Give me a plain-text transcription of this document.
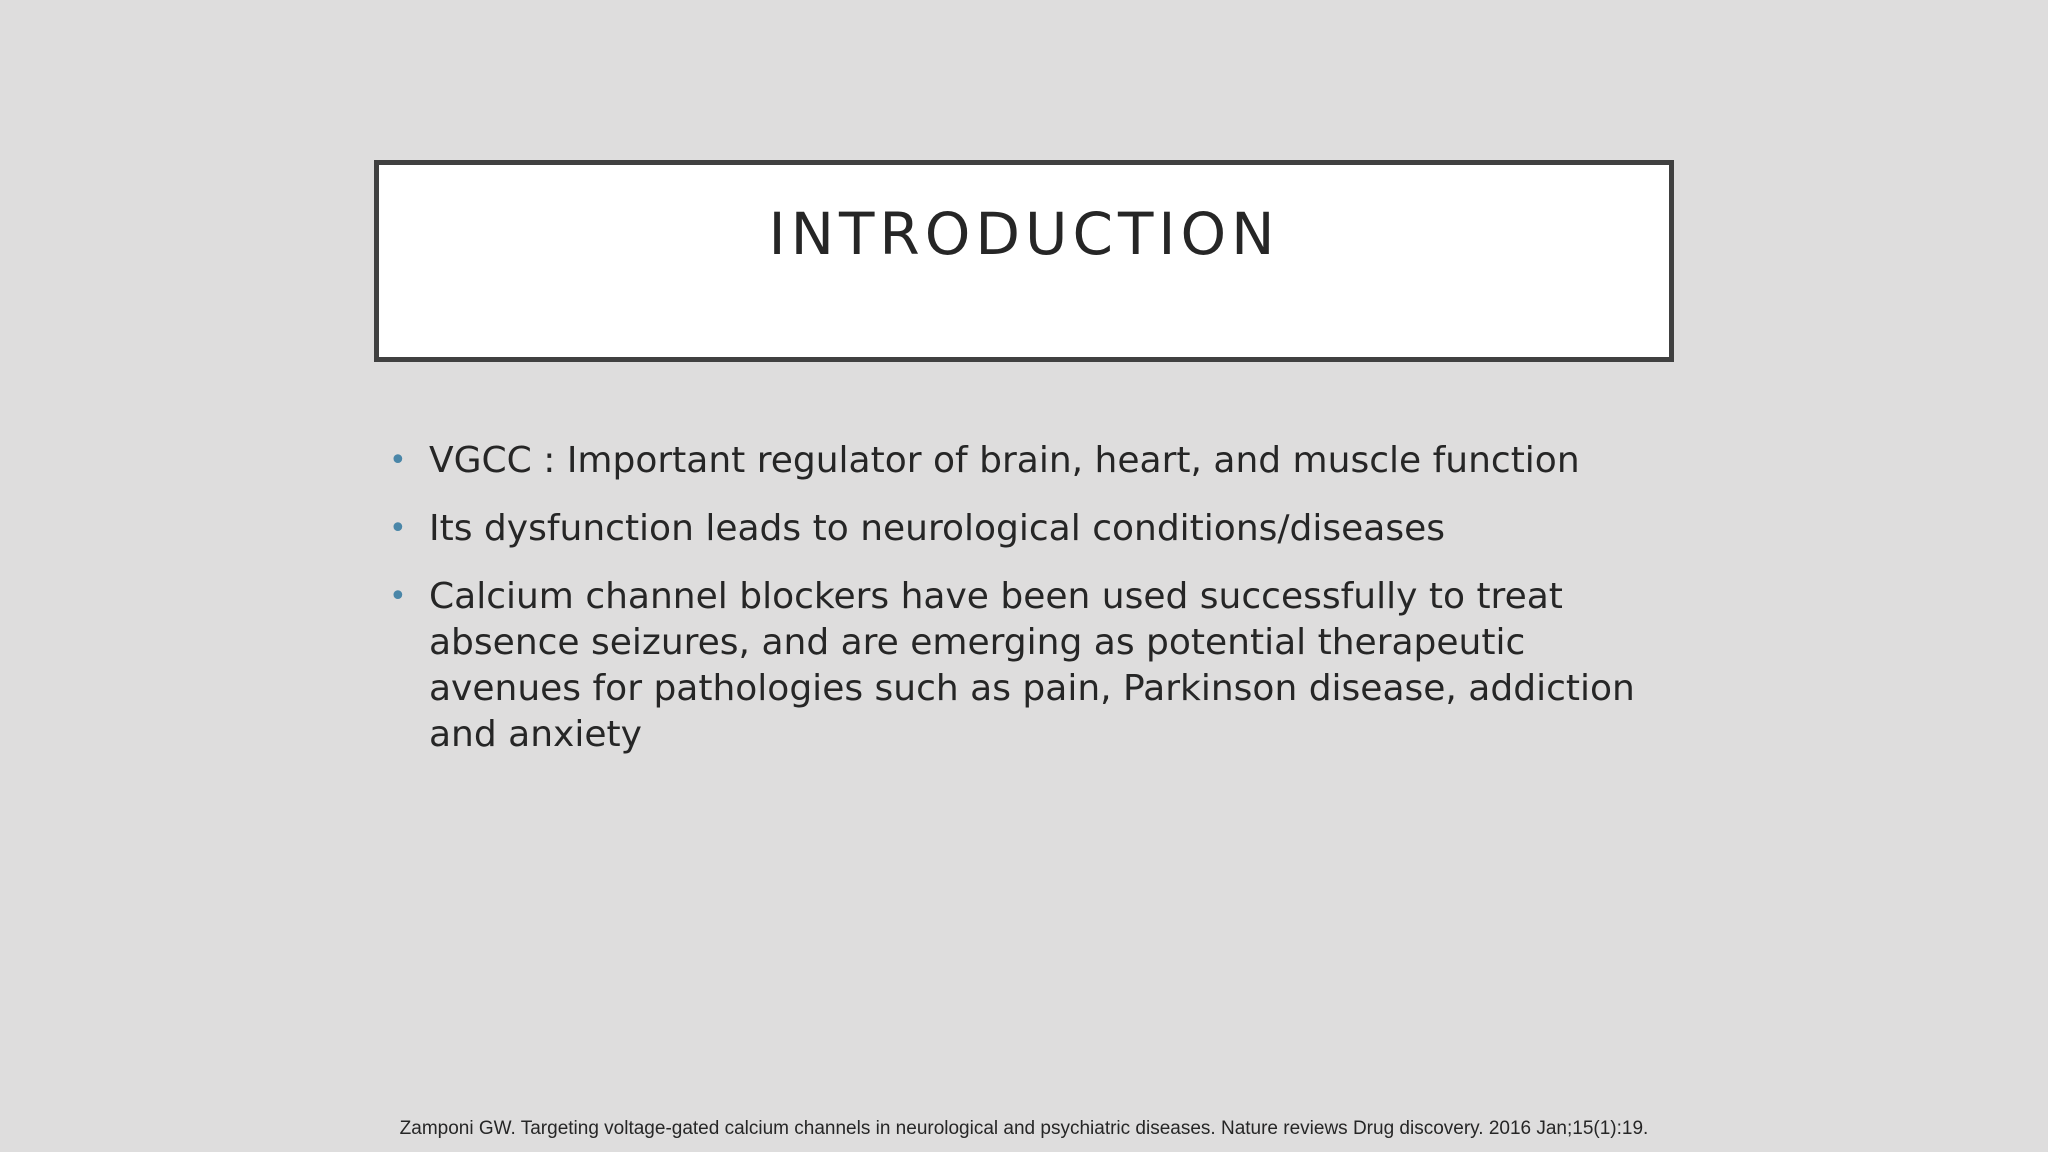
INTRODUCTION
• VGCC : Important regulator of brain, heart, and muscle function
• Its dysfunction leads to neurological conditions/diseases
• Calcium channel blockers have been used successfully to treat absence seizures, and are emerging as potential therapeutic avenues for pathologies such as pain, Parkinson disease, addiction and anxiety
Zamponi GW. Targeting voltage-gated calcium channels in neurological and psychiatric diseases. Nature reviews Drug discovery. 2016 Jan;15(1):19.
